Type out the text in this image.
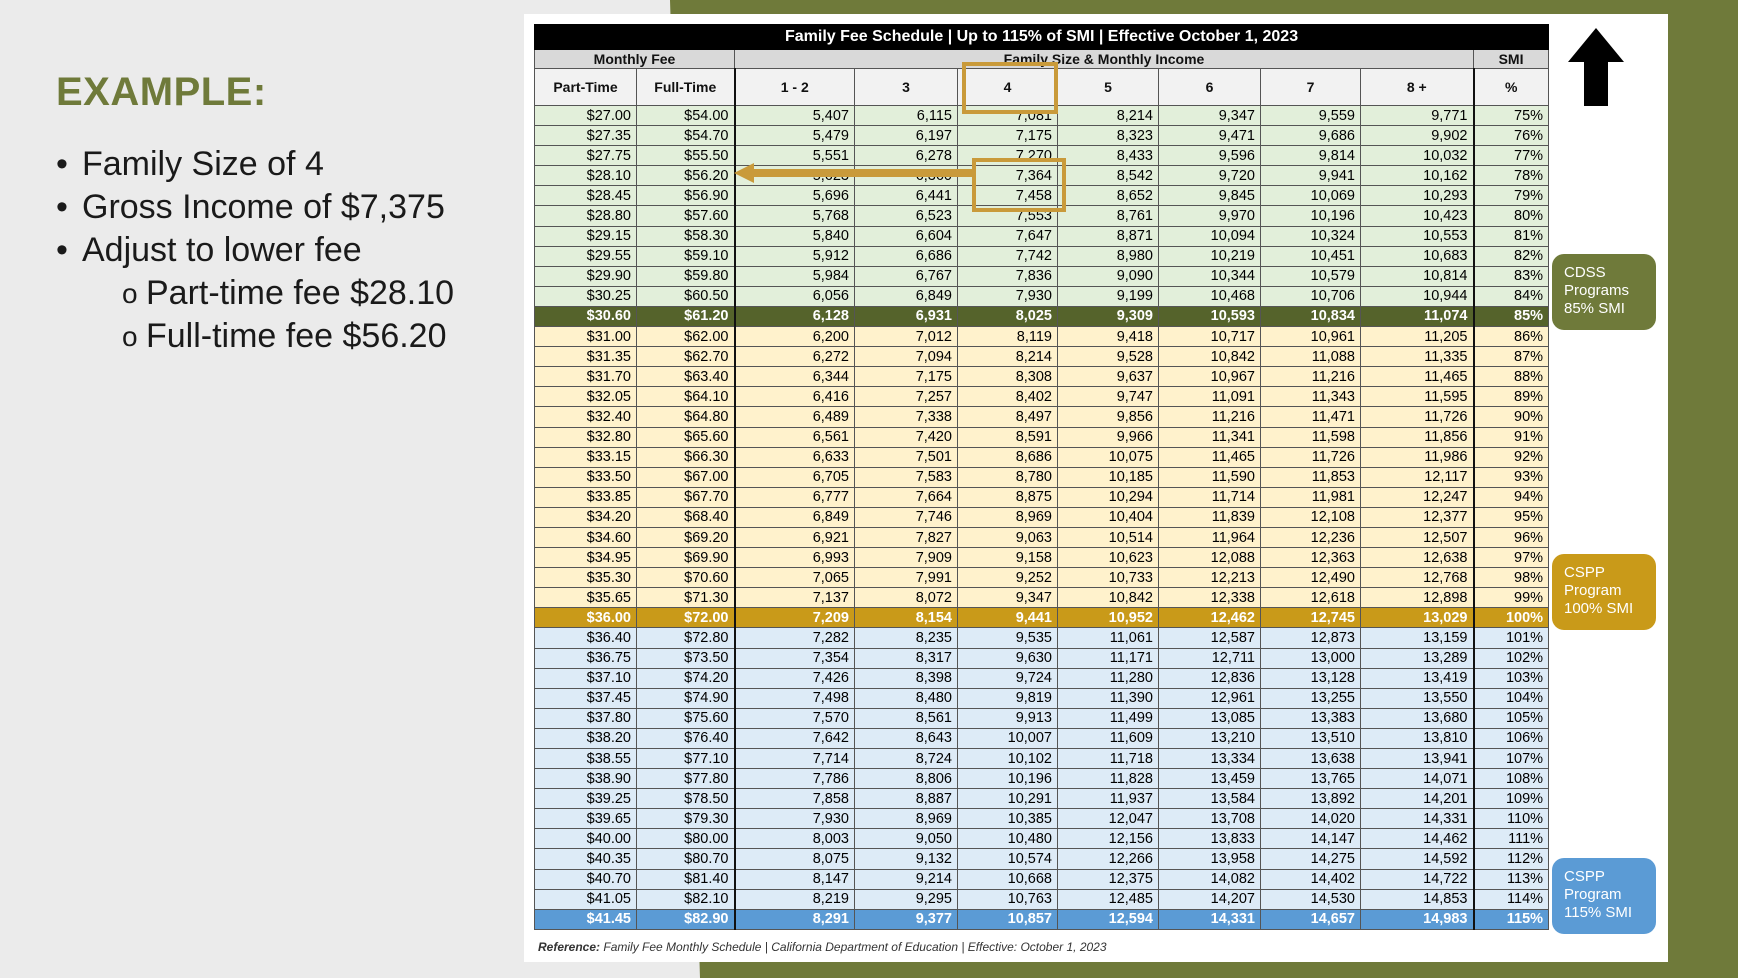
EXAMPLE:
• Family Size of 4
• Gross Income of $7,375
• Adjust to lower fee
o Part-time fee $28.10
o Full-time fee $56.20
Family Fee Schedule | Up to 115% of SMI | Effective October 1, 2023									
Monthly Fee		Family Size & Monthly Income							SMI
Part-Time	Full-Time	1 - 2	3	4	5	6	7	8 +	%
$27.00	$54.00	5,407	6,115	7,081	8,214	9,347	9,559	9,771	75%
$27.35	$54.70	5,479	6,197	7,175	8,323	9,471	9,686	9,902	76%
$27.75	$55.50	5,551	6,278	7,270	8,433	9,596	9,814	10,032	77%
$28.10	$56.20			7,364	8,542	9,720	9,941	10,162	78%
$28.45	$56.90	5,696	6,441	7,458	8,652	9,845	10,069	10,293	79%
$28.80	$57.60	5,768	6,523	7,553	8,761	9,970	10,196	10,423	80%
$29.15	$58.30	5,840	6,604	7,647	8,871	10,094	10,324	10,553	81%
$29.55	$59.10	5,912	6,686	7,742	8,980	10,219	10,451	10,683	82%
$29.90	$59.80	5,984	6,767	7,836	9,090	10,344	10,579	10,814	83%
$30.25	$60.50	6,056	6,849	7,930	9,199	10,468	10,706	10,944	84%
$30.60	$61.20	6,128	6,931	8,025	9,309	10,593	10,834	11,074	85%
$31.00	$62.00	6,200	7,012	8,119	9,418	10,717	10,961	11,205	86%
$31.35	$62.70	6,272	7,094	8,214	9,528	10,842	11,088	11,335	87%
$31.70	$63.40	6,344	7,175	8,308	9,637	10,967	11,216	11,465	88%
$32.05	$64.10	6,416	7,257	8,402	9,747	11,091	11,343	11,595	89%
$32.40	$64.80	6,489	7,338	8,497	9,856	11,216	11,471	11,726	90%
$32.80	$65.60	6,561	7,420	8,591	9,966	11,341	11,598	11,856	91%
$33.15	$66.30	6,633	7,501	8,686	10,075	11,465	11,726	11,986	92%
$33.50	$67.00	6,705	7,583	8,780	10,185	11,590	11,853	12,117	93%
$33.85	$67.70	6,777	7,664	8,875	10,294	11,714	11,981	12,247	94%
$34.20	$68.40	6,849	7,746	8,969	10,404	11,839	12,108	12,377	95%
$34.60	$69.20	6,921	7,827	9,063	10,514	11,964	12,236	12,507	96%
$34.95	$69.90	6,993	7,909	9,158	10,623	12,088	12,363	12,638	97%
$35.30	$70.60	7,065	7,991	9,252	10,733	12,213	12,490	12,768	98%
$35.65	$71.30	7,137	8,072	9,347	10,842	12,338	12,618	12,898	99%
$36.00	$72.00	7,209	8,154	9,441	10,952	12,462	12,745	13,029	100%
$36.40	$72.80	7,282	8,235	9,535	11,061	12,587	12,873	13,159	101%
$36.75	$73.50	7,354	8,317	9,630	11,171	12,711	13,000	13,289	102%
$37.10	$74.20	7,426	8,398	9,724	11,280	12,836	13,128	13,419	103%
$37.45	$74.90	7,498	8,480	9,819	11,390	12,961	13,255	13,550	104%
$37.80	$75.60	7,570	8,561	9,913	11,499	13,085	13,383	13,680	105%
$38.20	$76.40	7,642	8,643	10,007	11,609	13,210	13,510	13,810	106%
$38.55	$77.10	7,714	8,724	10,102	11,718	13,334	13,638	13,941	107%
$38.90	$77.80	7,786	8,806	10,196	11,828	13,459	13,765	14,071	108%
$39.25	$78.50	7,858	8,887	10,291	11,937	13,584	13,892	14,201	109%
$39.65	$79.30	7,930	8,969	10,385	12,047	13,708	14,020	14,331	110%
$40.00	$80.00	8,003	9,050	10,480	12,156	13,833	14,147	14,462	111%
$40.35	$80.70	8,075	9,132	10,574	12,266	13,958	14,275	14,592	112%
$40.70	$81.40	8,147	9,214	10,668	12,375	14,082	14,402	14,722	113%
$41.05	$82.10	8,219	9,295	10,763	12,485	14,207	14,530	14,853	114%
$41.45	$82.90	8,291	9,377	10,857	12,594	14,331	14,657	14,983	115%
Reference: Family Fee Monthly Schedule | California Department of Education | Effective: October 1, 2023
CDSS
Programs
85% SMI
CSPP
Program
100% SMI
CSPP
Program
115% SMI
